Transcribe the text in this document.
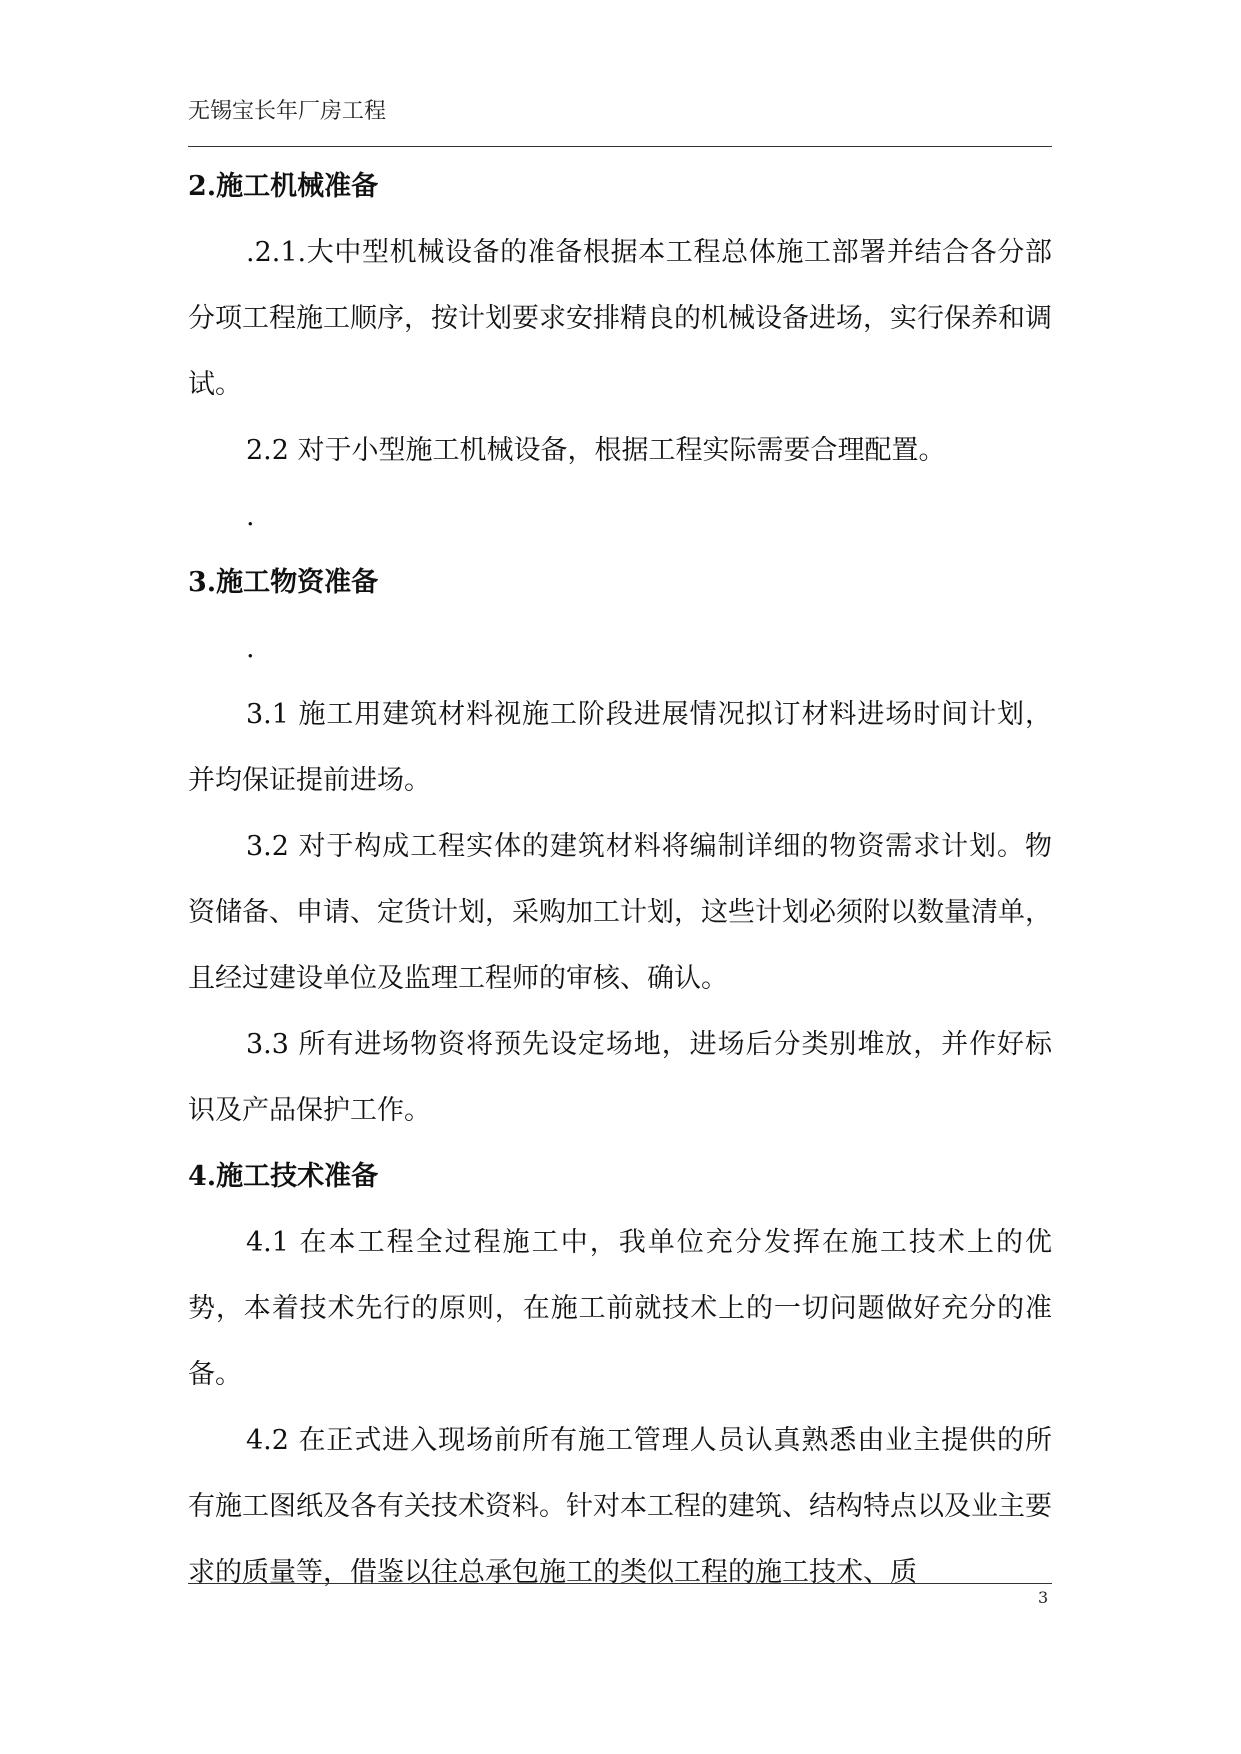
无锡宝长年厂房工程

2.施工机械准备

.2.1.大中型机械设备的准备根据本工程总体施工部署并结合各分部分项工程施工顺序，按计划要求安排精良的机械设备进场，实行保养和调试。

2.2 对于小型施工机械设备，根据工程实际需要合理配置。

.

3.施工物资准备

.

3.1 施工用建筑材料视施工阶段进展情况拟订材料进场时间计划，并均保证提前进场。

3.2 对于构成工程实体的建筑材料将编制详细的物资需求计划。物资储备、申请、定货计划，采购加工计划，这些计划必须附以数量清单，且经过建设单位及监理工程师的审核、确认。

3.3 所有进场物资将预先设定场地，进场后分类别堆放，并作好标识及产品保护工作。

4.施工技术准备

4.1 在本工程全过程施工中，我单位充分发挥在施工技术上的优势，本着技术先行的原则，在施工前就技术上的一切问题做好充分的准备。

4.2 在正式进入现场前所有施工管理人员认真熟悉由业主提供的所有施工图纸及各有关技术资料。针对本工程的建筑、结构特点以及业主要求的质量等，借鉴以往总承包施工的类似工程的施工技术、质

3
